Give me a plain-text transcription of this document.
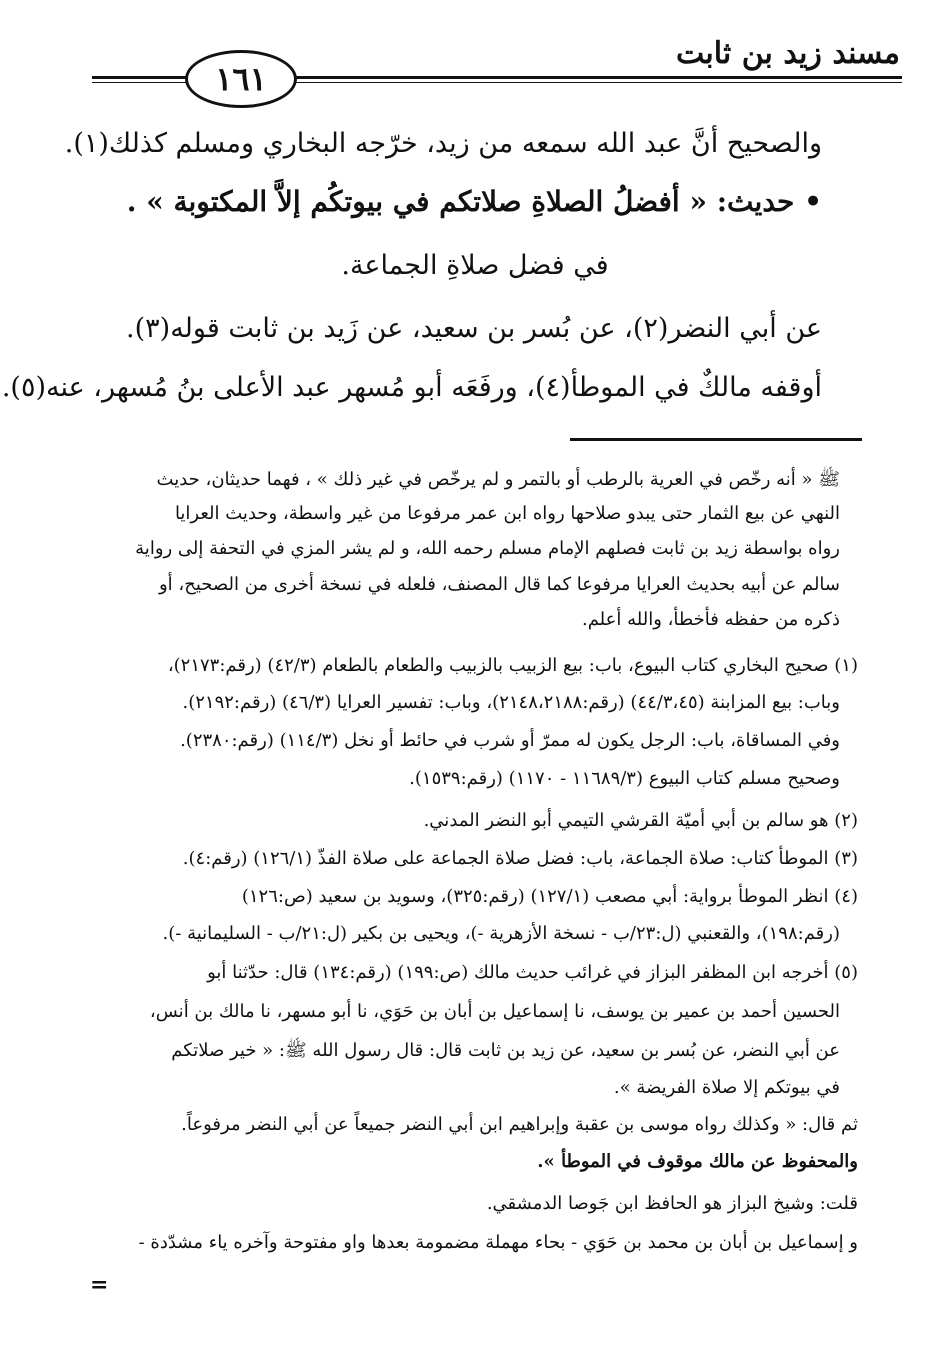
مسند زيد بن ثابت
١٦١
والصحيح أنَّ عبد الله سمعه من زيد، خرّجه البخاري ومسلم كذلك(١).
• حديث: « أفضلُ الصلاةِ صلاتكم في بيوتكُم إلاَّ المكتوبة » .
في فضل صلاةِ الجماعة.
عن أبي النضر(٢)، عن بُسر بن سعيد، عن زَيد بن ثابت قوله(٣).
أوقفه مالكٌ في الموطأ(٤)، ورفَعَه أبو مُسهر عبد الأعلى بنُ مُسهر، عنه(٥).
ﷺ « أنه رخّص في العرية بالرطب أو بالتمر و لم يرخّص في غير ذلك » ، فهما حديثان، حديث
النهي عن بيع الثمار حتى يبدو صلاحها رواه ابن عمر مرفوعا من غير واسطة، وحديث العرايا
رواه بواسطة زيد بن ثابت فصلهم الإمام مسلم رحمه الله، و لم يشر المزي في التحفة إلى رواية
سالم عن أبيه بحديث العرايا مرفوعا كما قال المصنف، فلعله في نسخة أخرى من الصحيح، أو
ذكره من حفظه فأخطأ، والله أعلم.
(١) صحيح البخاري كتاب البيوع، باب: بيع الزبيب بالزبيب والطعام بالطعام (٤٢/٣) (رقم:٢١٧٣)،
وباب: بيع المزابنة (٤٤/٣،٤٥) (رقم:٢١٤٨،٢١٨٨)، وباب: تفسير العرايا (٤٦/٣) (رقم:٢١٩٢).
وفي المساقاة، باب: الرجل يكون له ممرّ أو شرب في حائط أو نخل (١١٤/٣) (رقم:٢٣٨٠).
وصحيح مسلم كتاب البيوع (١١٦٨٩/٣ - ١١٧٠) (رقم:١٥٣٩).
(٢) هو سالم بن أبي أميّة القرشي التيمي أبو النضر المدني.
(٣) الموطأ كتاب: صلاة الجماعة، باب: فضل صلاة الجماعة على صلاة الفذّ (١٢٦/١) (رقم:٤).
(٤) انظر الموطأ برواية: أبي مصعب (١٢٧/١) (رقم:٣٢٥)، وسويد بن سعيد (ص:١٢٦)
(رقم:١٩٨)، والقعنبي (ل:٢٣/ب - نسخة الأزهرية -)، ويحيى بن بكير (ل:٢١/ب - السليمانية -).
(٥) أخرجه ابن المظفر البزاز في غرائب حديث مالك (ص:١٩٩) (رقم:١٣٤) قال: حدّثنا أبو
الحسين أحمد بن عمير بن يوسف، نا إسماعيل بن أبان بن حَوَي، نا أبو مسهر، نا مالك بن أنس،
عن أبي النضر، عن بُسر بن سعيد، عن زيد بن ثابت قال: قال رسول الله ﷺ: « خير صلاتكم
في بيوتكم إلا صلاة الفريضة ».
ثم قال: « وكذلك رواه موسى بن عقبة وإبراهيم ابن أبي النضر جميعاً عن أبي النضر مرفوعاً.
والمحفوظ عن مالك موقوف في الموطأ ».
قلت: وشيخ البزاز هو الحافظ ابن جَوصا الدمشقي.
و إسماعيل بن أبان بن محمد بن حَوَي - بحاء مهملة مضمومة بعدها واو مفتوحة وآخره ياء مشدّدة -
=
